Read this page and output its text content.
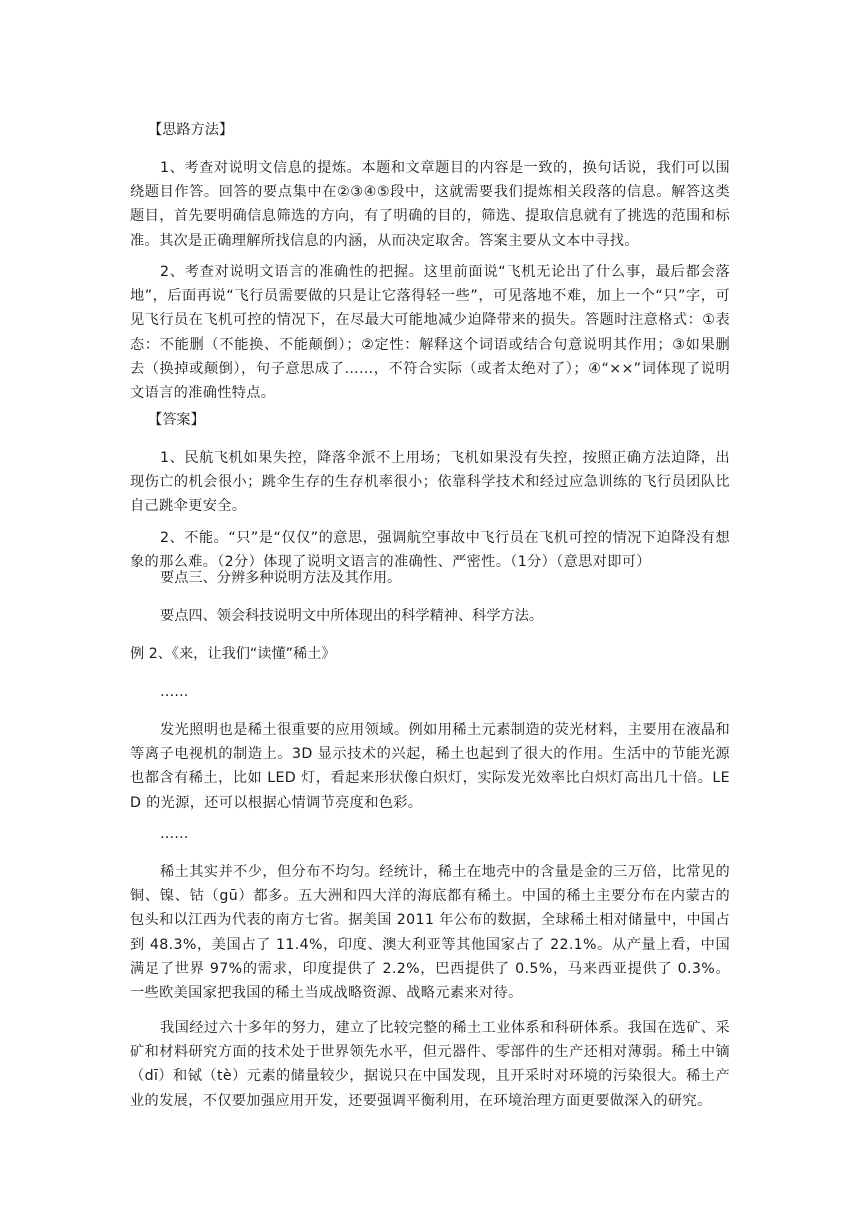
【思路方法】
1、考查对说明文信息的提炼。本题和文章题目的内容是一致的，换句话说，我们可以围绕题目作答。回答的要点集中在②③④⑤段中，这就需要我们提炼相关段落的信息。解答这类题目，首先要明确信息筛选的方向，有了明确的目的，筛选、提取信息就有了挑选的范围和标准。其次是正确理解所找信息的内涵，从而决定取舍。答案主要从文本中寻找。
2、考查对说明文语言的准确性的把握。这里前面说“飞机无论出了什么事，最后都会落地”，后面再说“飞行员需要做的只是让它落得轻一些”，可见落地不难，加上一个“只”字，可见飞行员在飞机可控的情况下，在尽最大可能地减少迫降带来的损失。答题时注意格式：①表态：不能删（不能换、不能颠倒）；②定性：解释这个词语或结合句意说明其作用；③如果删去（换掉或颠倒），句子意思成了……，不符合实际（或者太绝对了）；④“××”词体现了说明文语言的准确性特点。
【答案】
1、民航飞机如果失控，降落伞派不上用场；飞机如果没有失控，按照正确方法迫降，出现伤亡的机会很小；跳伞生存的生存机率很小；依靠科学技术和经过应急训练的飞行员团队比自己跳伞更安全。
2、不能。“只”是“仅仅”的意思，强调航空事故中飞行员在飞机可控的情况下迫降没有想象的那么难。（2分）体现了说明文语言的准确性、严密性。（1分）（意思对即可）
要点三、分辨多种说明方法及其作用。
要点四、领会科技说明文中所体现出的科学精神、科学方法。
例 2、《来，让我们“读懂”稀土》
……
发光照明也是稀土很重要的应用领域。例如用稀土元素制造的荧光材料，主要用在液晶和等离子电视机的制造上。3D 显示技术的兴起，稀土也起到了很大的作用。生活中的节能光源也都含有稀土，比如 LED 灯，看起来形状像白炽灯，实际发光效率比白炽灯高出几十倍。LED 的光源，还可以根据心情调节亮度和色彩。
……
稀土其实并不少，但分布不均匀。经统计，稀土在地壳中的含量是金的三万倍，比常见的铜、镍、钴（gū）都多。五大洲和四大洋的海底都有稀土。中国的稀土主要分布在内蒙古的包头和以江西为代表的南方七省。据美国 2011 年公布的数据，全球稀土相对储量中，中国占到 48.3%，美国占了 11.4%，印度、澳大利亚等其他国家占了 22.1%。从产量上看，中国满足了世界 97%的需求，印度提供了 2.2%，巴西提供了 0.5%，马来西亚提供了 0.3%。一些欧美国家把我国的稀土当成战略资源、战略元素来对待。
我国经过六十多年的努力，建立了比较完整的稀土工业体系和科研体系。我国在选矿、采矿和材料研究方面的技术处于世界领先水平，但元器件、零部件的生产还相对薄弱。稀土中镝（dī）和铽（tè）元素的储量较少，据说只在中国发现，且开采时对环境的污染很大。稀土产业的发展，不仅要加强应用开发，还要强调平衡利用，在环境治理方面更要做深入的研究。
